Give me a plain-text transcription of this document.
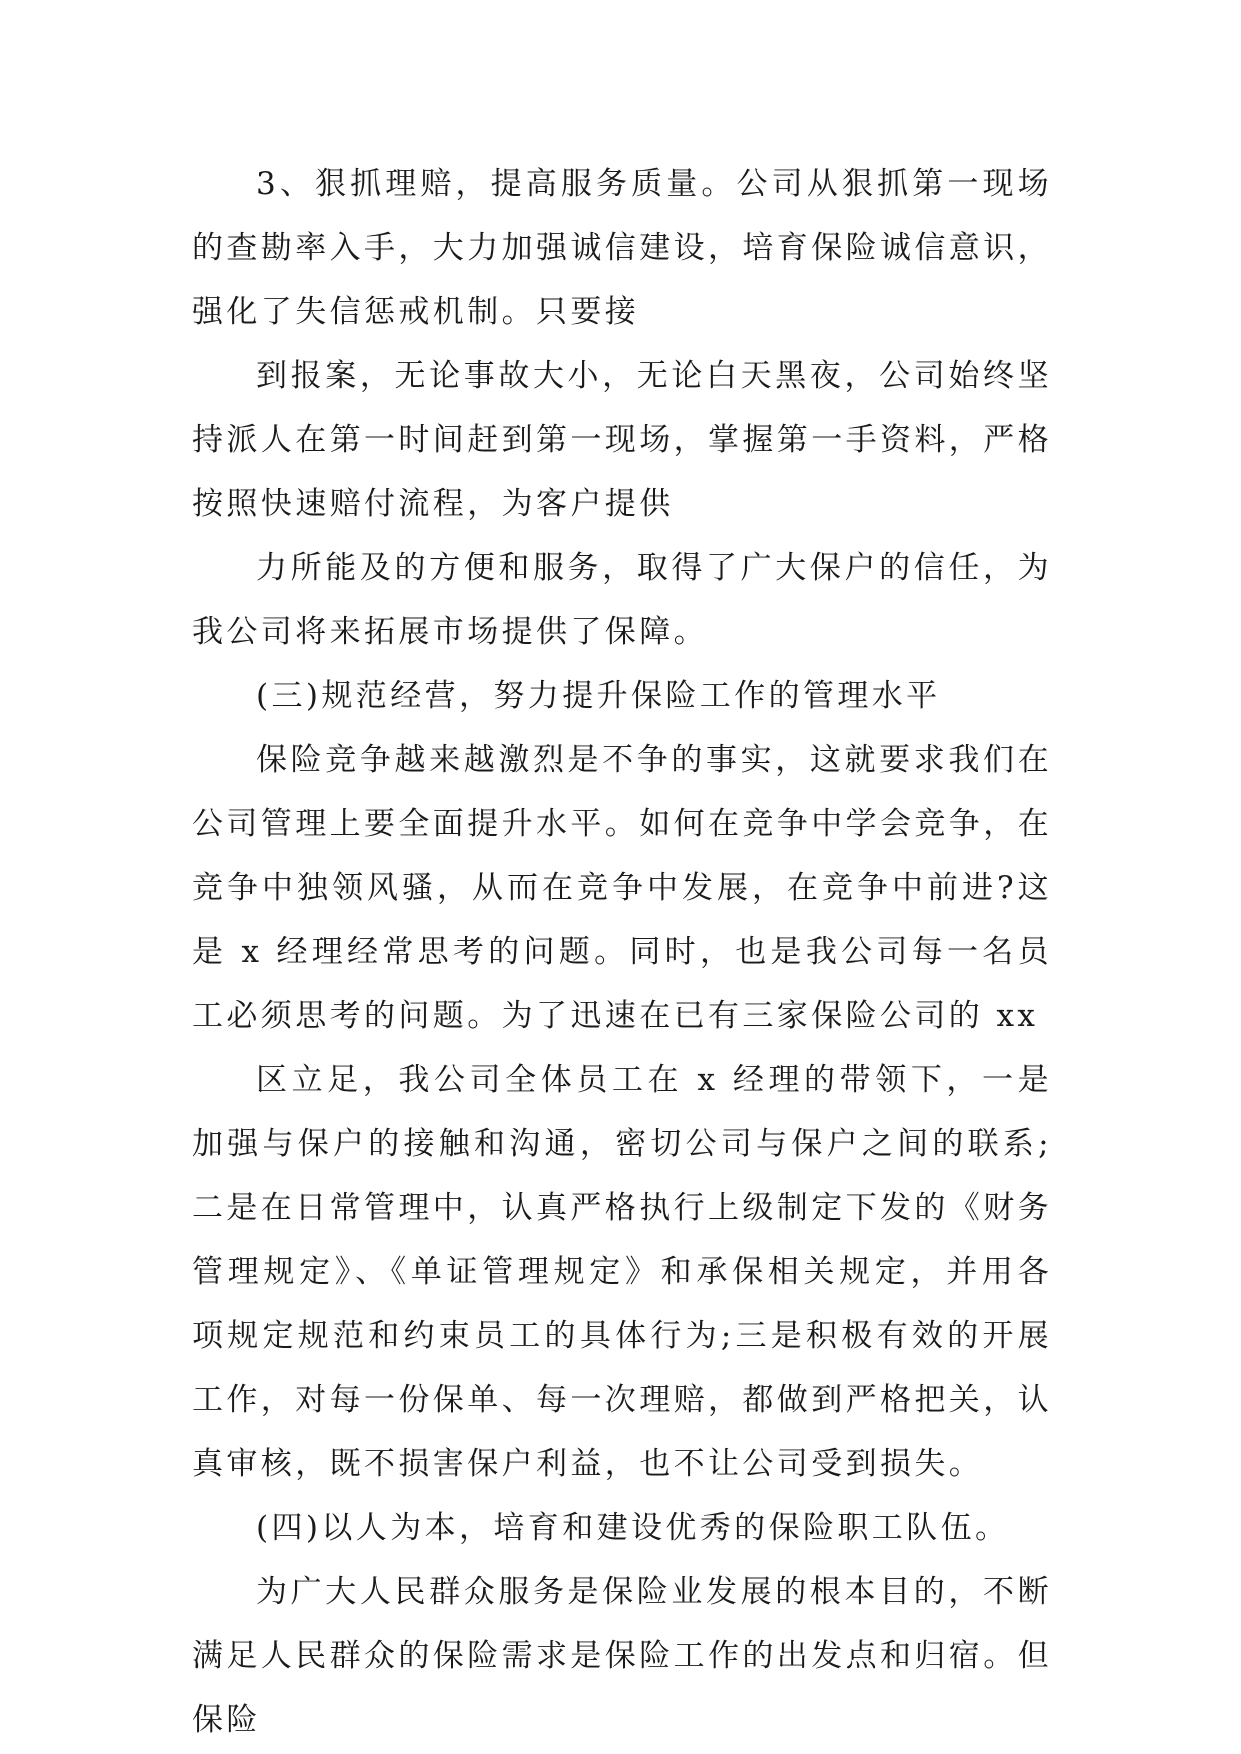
3、狠抓理赔，提高服务质量。公司从狠抓第一现场的查勘率入手，大力加强诚信建设，培育保险诚信意识，强化了失信惩戒机制。只要接

到报案，无论事故大小，无论白天黑夜，公司始终坚持派人在第一时间赶到第一现场，掌握第一手资料，严格按照快速赔付流程，为客户提供

力所能及的方便和服务，取得了广大保户的信任，为我公司将来拓展市场提供了保障。

(三)规范经营，努力提升保险工作的管理水平

保险竞争越来越激烈是不争的事实，这就要求我们在公司管理上要全面提升水平。如何在竞争中学会竞争，在竞争中独领风骚，从而在竞争中发展，在竞争中前进?这是 x 经理经常思考的问题。同时，也是我公司每一名员工必须思考的问题。为了迅速在已有三家保险公司的 xx

区立足，我公司全体员工在 x 经理的带领下，一是加强与保户的接触和沟通，密切公司与保户之间的联系;二是在日常管理中，认真严格执行上级制定下发的《财务管理规定》、《单证管理规定》和承保相关规定，并用各项规定规范和约束员工的具体行为;三是积极有效的开展工作，对每一份保单、每一次理赔，都做到严格把关，认真审核，既不损害保户利益，也不让公司受到损失。

(四)以人为本，培育和建设优秀的保险职工队伍。

为广大人民群众服务是保险业发展的根本目的，不断满足人民群众的保险需求是保险工作的出发点和归宿。但保险
